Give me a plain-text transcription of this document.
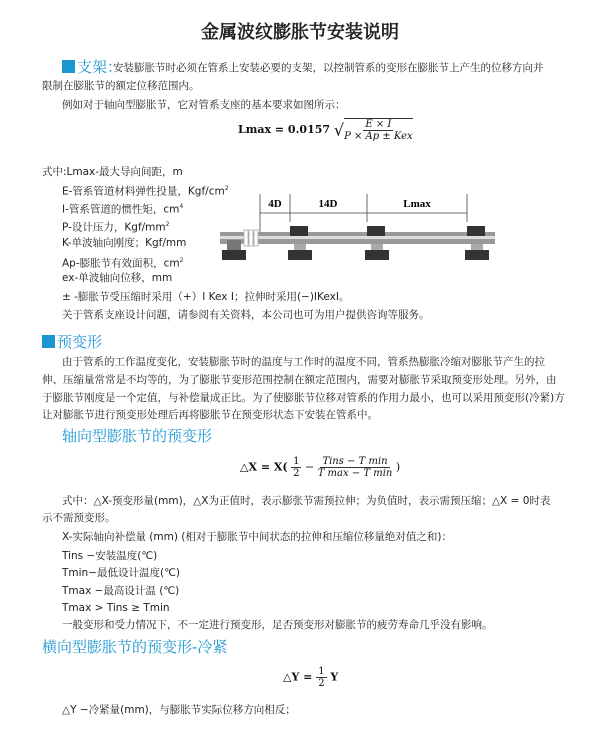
金属波纹膨胀节安装说明
支架：
安装膨胀节时必须在管系上安装必要的支架，以控制管系的变形在膨胀节上产生的位移方向并
限制在膨胀节的额定位移范围内。
例如对于轴向型膨胀节，它对管系支座的基本要求如图所示：
Lmax = 0.0157 √ $\frac{E \times I}{\text{P × Ap ± Kex}}$
式中:Lmax-最大导向间距，m
E-管系管道材料弹性投量，Kgf/$cm^2$
I-管系管道的惯性矩，$cm^4$
P-设计压力，Kgf/$mm^2$
K-单波轴向刚度；Kgf/mm
Ap-膨胀节有效面积，$cm^2$
ex-单波轴向位移，mm
± -膨胀节受压缩时采用（+）I Kex I；拉伸时采用(−)IKexI。
关于管系支座设计问题，请参阅有关资料，本公司也可为用户提供咨询等服务。
4D	14D	Lmax
预变形
由于管系的工作温度变化，安装膨胀节时的温度与工作时的温度不同，管系热膨胀冷缩对膨胀节产生的拉
伸、压缩量常常是不均等的，为了膨胀节变形范围控制在额定范围内，需要对膨胀节采取预变形处理。另外，由
于膨胀节刚度是一个定值，与补偿量成正比。为了使膨胀节位移对管系的作用力最小，也可以采用预变形(冷紧)方
让对膨胀节进行预变形处理后再将膨胀节在预变形状态下安装在管系中。
轴向型膨胀节的预变形
△X = $X( \frac{1}{2} - \frac{\text{Tins − T min}}{\text{T max − T min}}$ )
式中：△X-预变形量(mm)，△X为正值时，表示膨张节需预拉伸；为负值时，表示需预压缩；△X = 0时表
示不需预变形。
X-实际轴向补偿量 (mm) (相对于膨胀节中间状态的拉伸和压缩位移量绝对值之和)：
Tins −安装温度(℃)
Tmin−最低设计温度(℃)
Tmax −最高设计温 (℃)
Tmax > Tins ≥ Tmin
一般变形和受力情况下，不一定进行预变形，足否预变形对膨胀节的疲劳寿命几乎没有影响。
横向型膨胀节的预变形-冷紧
△Y = $\frac{1}{2}$ Y
△Y −冷紧量(mm)，与膨胀节实际位移方向相反；
